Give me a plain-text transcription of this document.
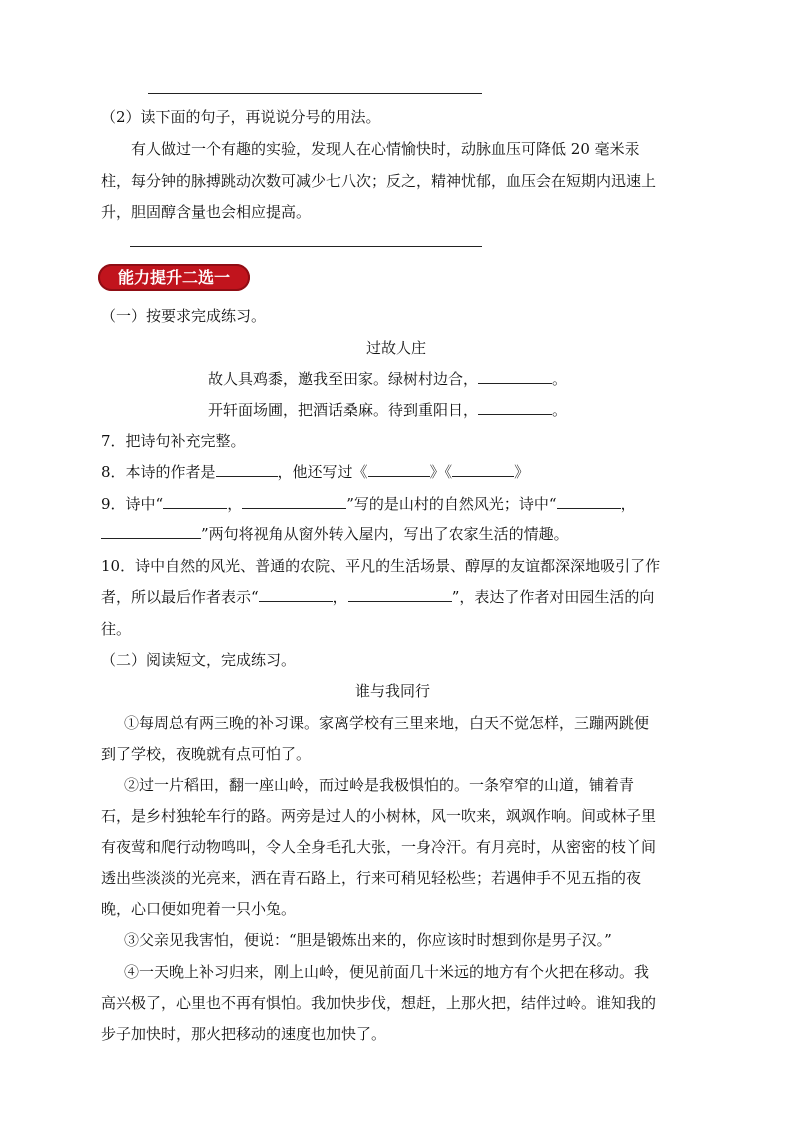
（2）读下面的句子，再说说分号的用法。
有人做过一个有趣的实验，发现人在心情愉快时，动脉血压可降低 20 毫米汞
柱，每分钟的脉搏跳动次数可减少七八次；反之，精神忧郁，血压会在短期内迅速上
升，胆固醇含量也会相应提高。
能力提升二选一
（一）按要求完成练习。
过故人庄
故人具鸡黍，邀我至田家。绿树村边合，	。
开轩面场圃，把酒话桑麻。待到重阳日，	。
7．把诗句补充完整。
8．本诗的作者是	，他还写过《	》《	》
9．诗中“	，	”写的是山村的自然风光；诗中“	，
”两句将视角从窗外转入屋内，写出了农家生活的情趣。
10．诗中自然的风光、普通的农院、平凡的生活场景、醇厚的友谊都深深地吸引了作
者，所以最后作者表示“	，	”，表达了作者对田园生活的向
往。
（二）阅读短文，完成练习。
谁与我同行
①每周总有两三晚的补习课。家离学校有三里来地，白天不觉怎样，三蹦两跳便
到了学校，夜晚就有点可怕了。
②过一片稻田，翻一座山岭，而过岭是我极惧怕的。一条窄窄的山道，铺着青
石，是乡村独轮车行的路。两旁是过人的小树林，风一吹来，飒飒作响。间或林子里
有夜莺和爬行动物鸣叫，令人全身毛孔大张，一身冷汗。有月亮时，从密密的枝丫间
透出些淡淡的光亮来，洒在青石路上，行来可稍见轻松些；若遇伸手不见五指的夜
晚，心口便如兜着一只小兔。
③父亲见我害怕，便说：“胆是锻炼出来的，你应该时时想到你是男子汉。”
④一天晚上补习归来，刚上山岭，便见前面几十米远的地方有个火把在移动。我
高兴极了，心里也不再有惧怕。我加快步伐，想赶，上那火把，结伴过岭。谁知我的
步子加快时，那火把移动的速度也加快了。
